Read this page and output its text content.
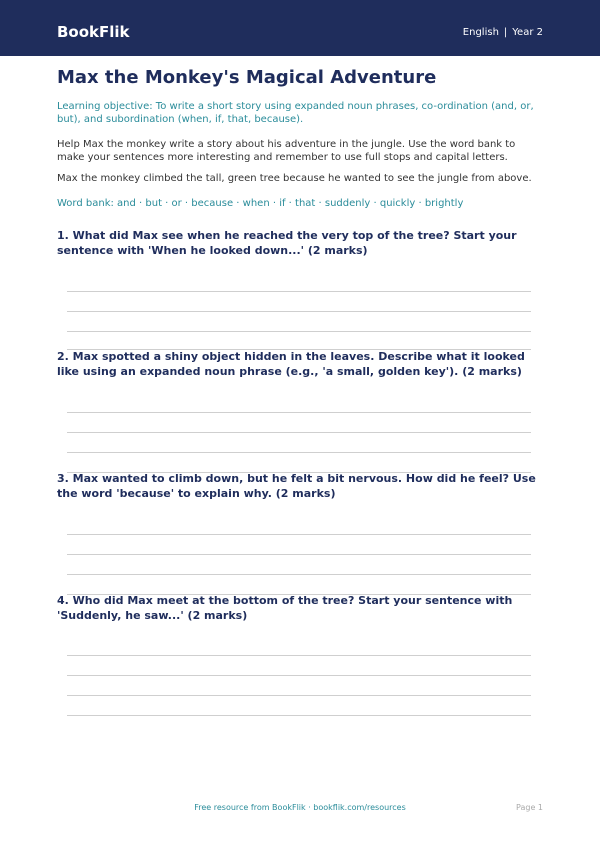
BookFlik	English | Year 2
Max the Monkey's Magical Adventure

Learning objective: To write a short story using expanded noun phrases, co-ordination (and, or, but), and subordination (when, if, that, because).

Help Max the monkey write a story about his adventure in the jungle. Use the word bank to make your sentences more interesting and remember to use full stops and capital letters.

Max the monkey climbed the tall, green tree because he wanted to see the jungle from above.

Word bank: and · but · or · because · when · if · that · suddenly · quickly · brightly

1. What did Max see when he reached the very top of the tree? Start your sentence with 'When he looked down...' (2 marks)

2. Max spotted a shiny object hidden in the leaves. Describe what it looked like using an expanded noun phrase (e.g., 'a small, golden key'). (2 marks)

3. Max wanted to climb down, but he felt a bit nervous. How did he feel? Use the word 'because' to explain why. (2 marks)

4. Who did Max meet at the bottom of the tree? Start your sentence with 'Suddenly, he saw...' (2 marks)

Free resource from BookFlik · bookflik.com/resources	Page 1
